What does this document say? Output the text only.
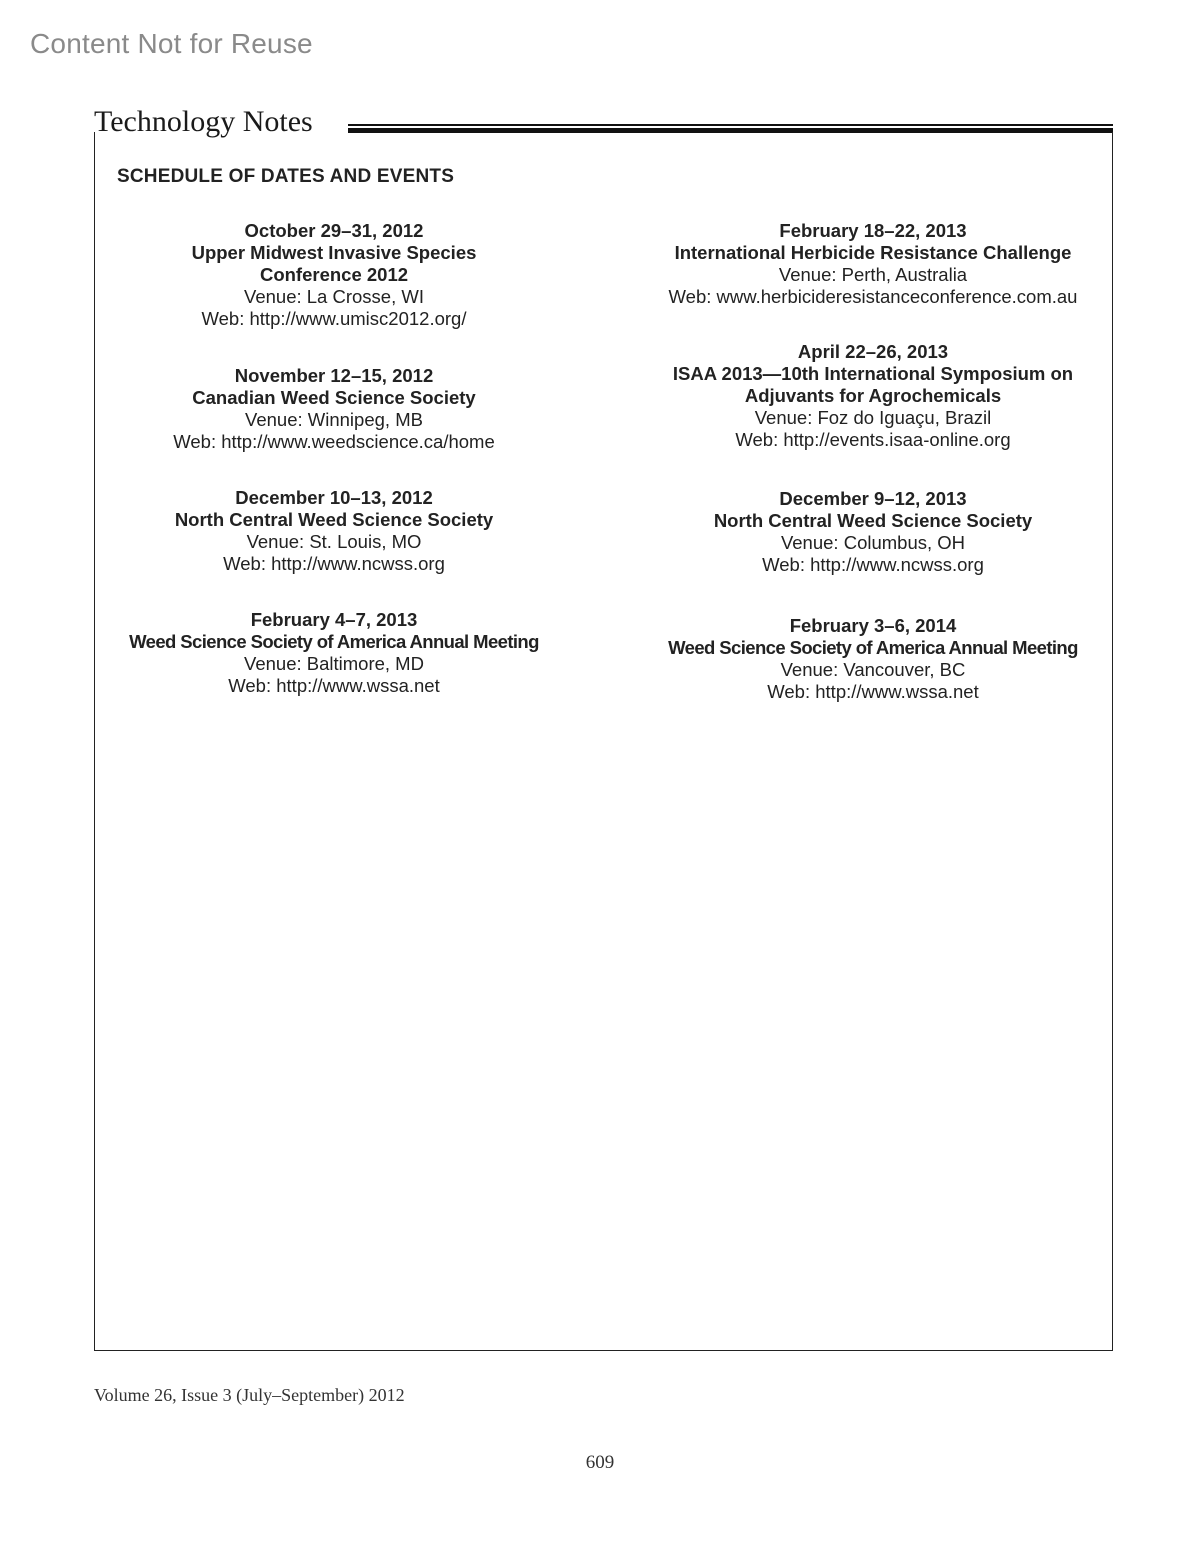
Content Not for Reuse
Technology Notes
SCHEDULE OF DATES AND EVENTS
October 29–31, 2012
Upper Midwest Invasive Species
Conference 2012
Venue: La Crosse, WI
Web: http://www.umisc2012.org/
November 12–15, 2012
Canadian Weed Science Society
Venue: Winnipeg, MB
Web: http://www.weedscience.ca/home
December 10–13, 2012
North Central Weed Science Society
Venue: St. Louis, MO
Web: http://www.ncwss.org
February 4–7, 2013
Weed Science Society of America Annual Meeting
Venue: Baltimore, MD
Web: http://www.wssa.net
February 18–22, 2013
International Herbicide Resistance Challenge
Venue: Perth, Australia
Web: www.herbicideresistanceconference.com.au
April 22–26, 2013
ISAA 2013—10th International Symposium on
Adjuvants for Agrochemicals
Venue: Foz do Iguaçu, Brazil
Web: http://events.isaa-online.org
December 9–12, 2013
North Central Weed Science Society
Venue: Columbus, OH
Web: http://www.ncwss.org
February 3–6, 2014
Weed Science Society of America Annual Meeting
Venue: Vancouver, BC
Web: http://www.wssa.net
Volume 26, Issue 3 (July–September) 2012
609
